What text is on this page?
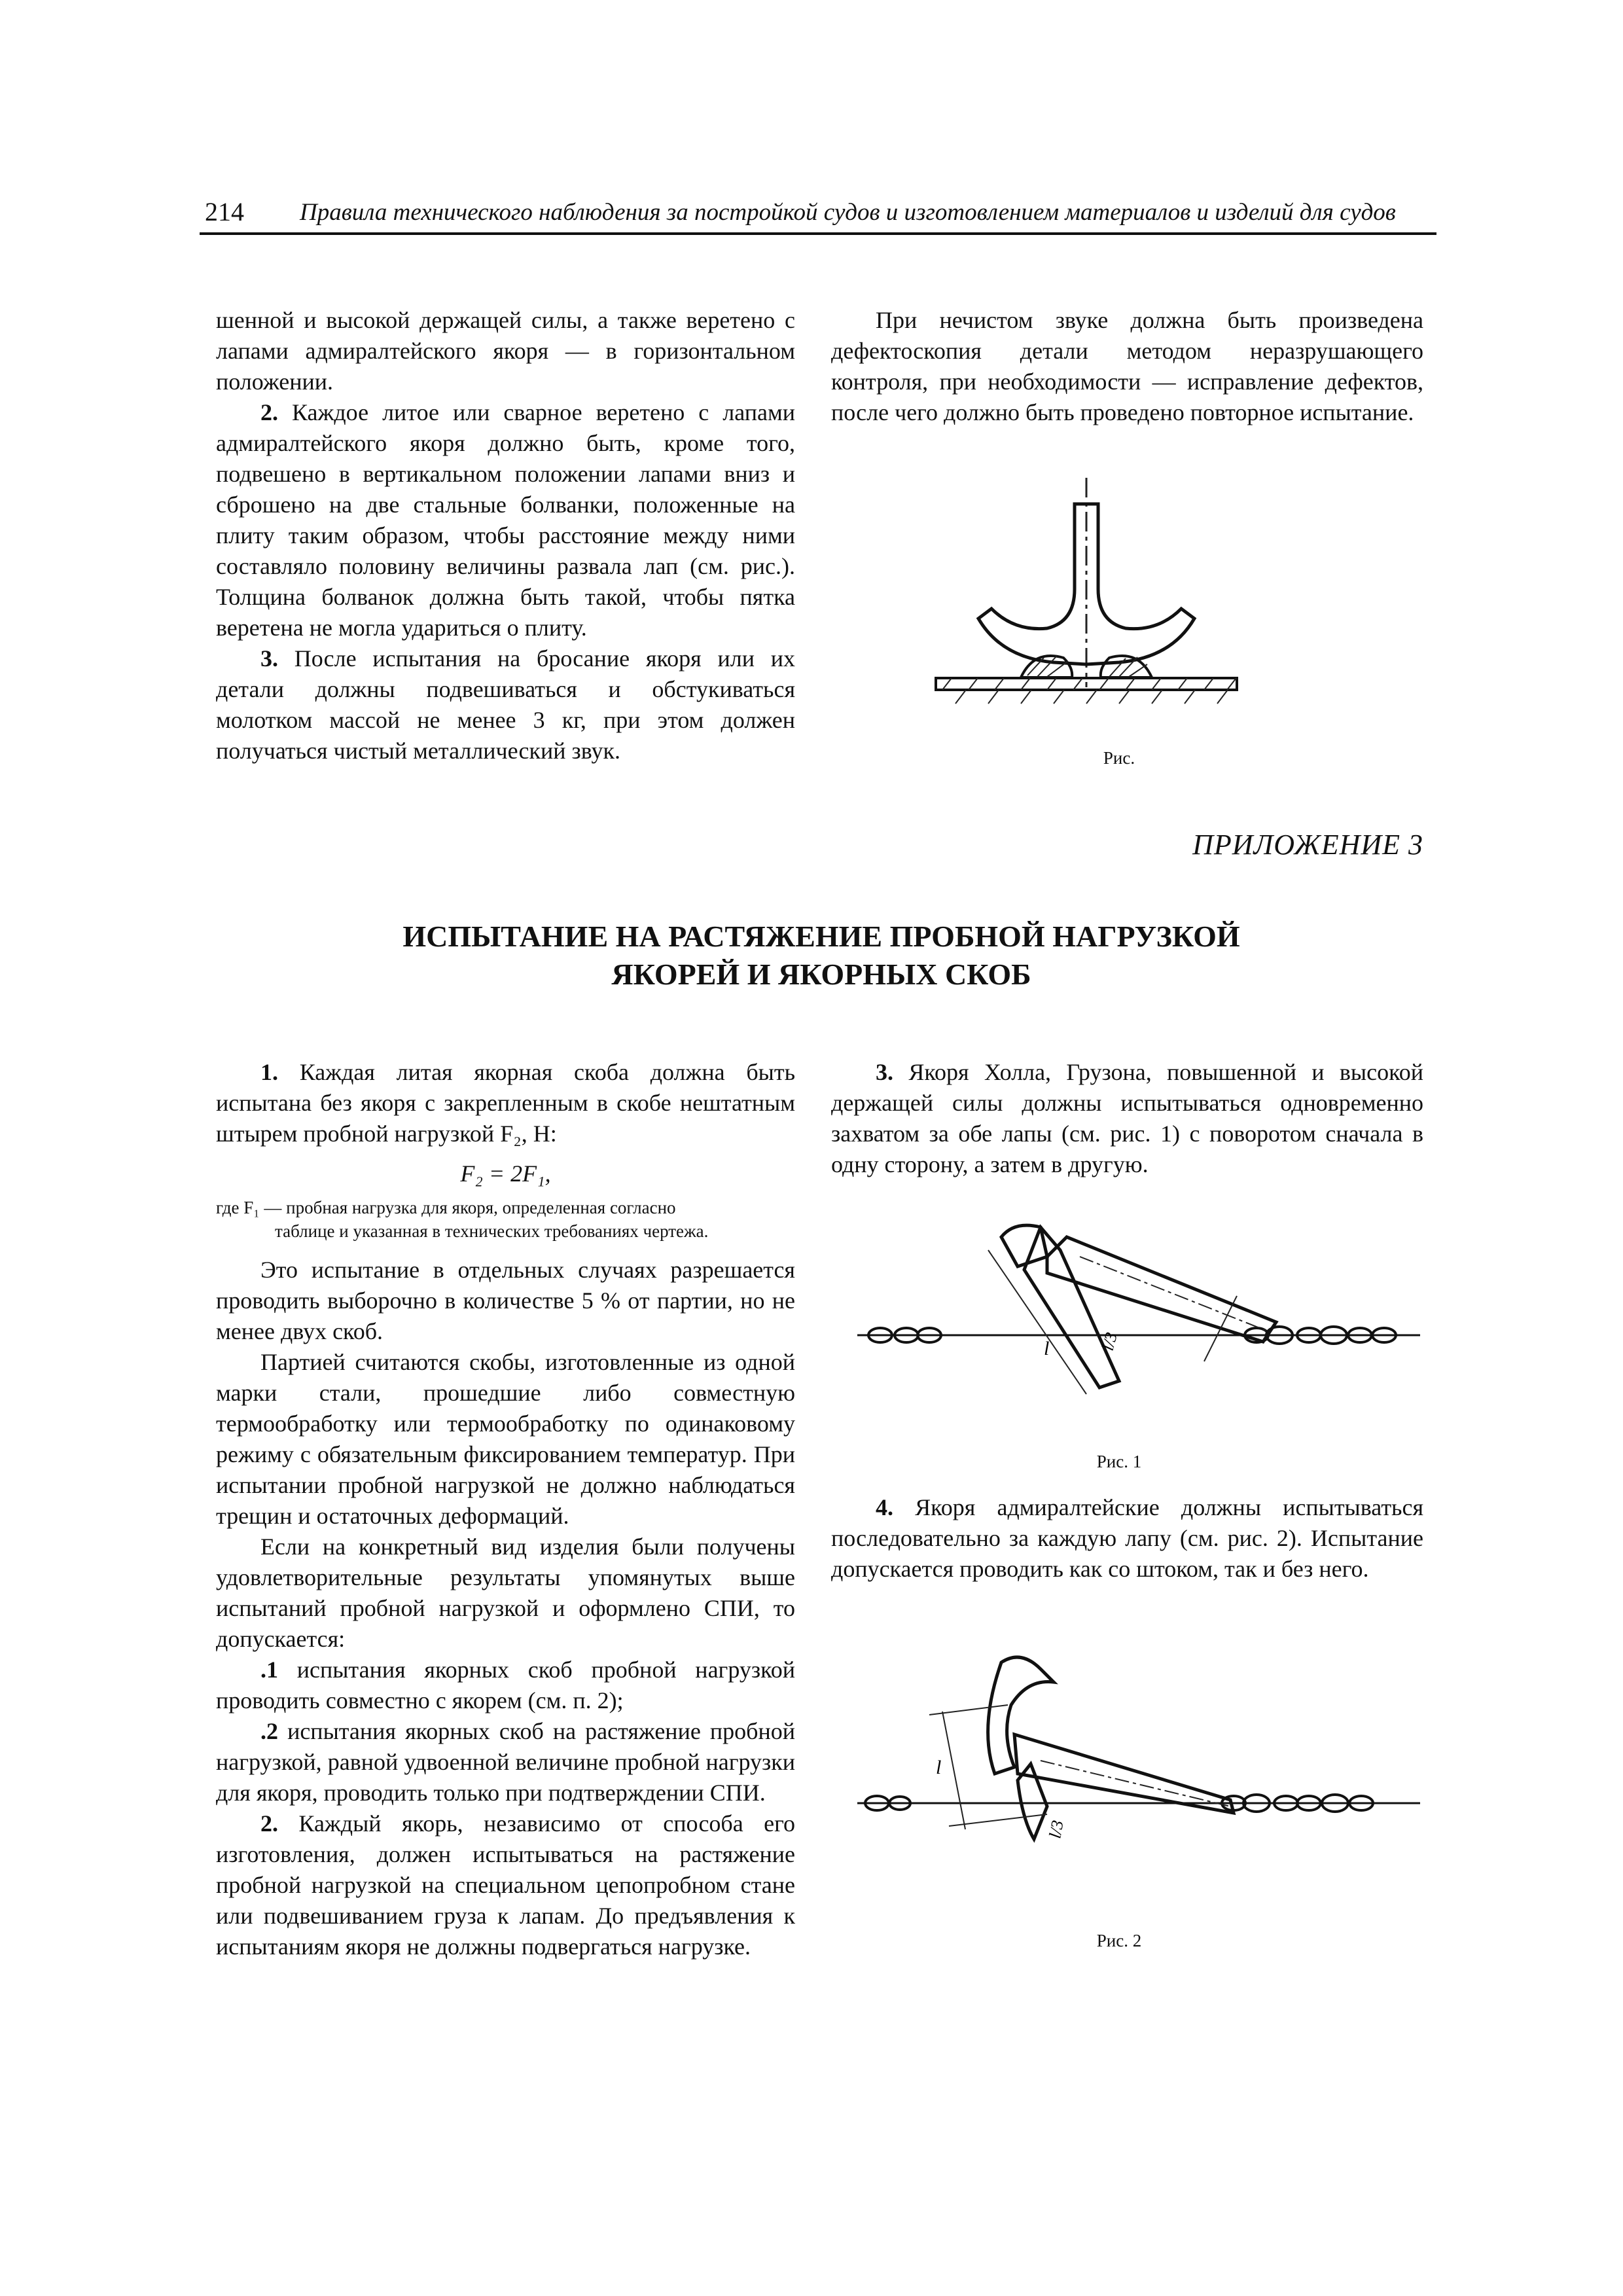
214 Правила технического наблюдения за постройкой судов и изготовлением материалов и изделий для судов

шенной и высокой держащей силы, а также веретено с лапами адмиралтейского якоря — в горизонтальном положении.

2. Каждое литое или сварное веретено с лапами адмиралтейского якоря должно быть, кроме того, подвешено в вертикальном положении лапами вниз и сброшено на две стальные болванки, положенные на плиту таким образом, чтобы расстояние между ними составляло половину величины развала лап (см. рис.). Толщина болванок должна быть такой, чтобы пятка веретена не могла удариться о плиту.

3. После испытания на бросание якоря или их детали должны подвешиваться и обстукиваться молотком массой не менее 3 кг, при этом должен получаться чистый металлический звук.

При нечистом звуке должна быть произведена дефектоскопия детали методом неразрушающего контроля, при необходимости — исправление дефектов, после чего должно быть проведено повторное испытание.

Рис.
ПРИЛОЖЕНИЕ 3
ИСПЫТАНИЕ НА РАСТЯЖЕНИЕ ПРОБНОЙ НАГРУЗКОЙ
ЯКОРЕЙ И ЯКОРНЫХ СКОБ

1. Каждая литая якорная скоба должна быть испытана без якоря с закрепленным в скобе нештатным штырем пробной нагрузкой F₂, Н:

F₂ = 2F₁,

где F₁ — пробная нагрузка для якоря, определенная согласно
таблице и указанная в технических требованиях чертежа.

Это испытание в отдельных случаях разрешается проводить выборочно в количестве 5 % от партии, но не менее двух скоб.

Партией считаются скобы, изготовленные из одной марки стали, прошедшие либо совместную термообработку или термообработку по одинаковому режиму с обязательным фиксированием температур. При испытании пробной нагрузкой не должно наблюдаться трещин и остаточных деформаций.

Если на конкретный вид изделия были получены удовлетворительные результаты упомянутых выше испытаний пробной нагрузкой и оформлено СПИ, то допускается:

.1 испытания якорных скоб пробной нагрузкой проводить совместно с якорем (см. п. 2);

.2 испытания якорных скоб на растяжение пробной нагрузкой, равной удвоенной величине пробной нагрузки для якоря, проводить только при подтверждении СПИ.

2. Каждый якорь, независимо от способа его изготовления, должен испытываться на растяжение пробной нагрузкой на специальном цепопробном стане или подвешиванием груза к лапам. До предъявления к испытаниям якоря не должны подвергаться нагрузке.

3. Якоря Холла, Грузона, повышенной и высокой держащей силы должны испытываться одновременно захватом за обе лапы (см. рис. 1) с поворотом сначала в одну сторону, а затем в другую.

l	l/3
Рис. 1

4. Якоря адмиралтейские должны испытываться последовательно за каждую лапу (см. рис. 2). Испытание допускается проводить как со штоком, так и без него.

l
l/3
Рис. 2
